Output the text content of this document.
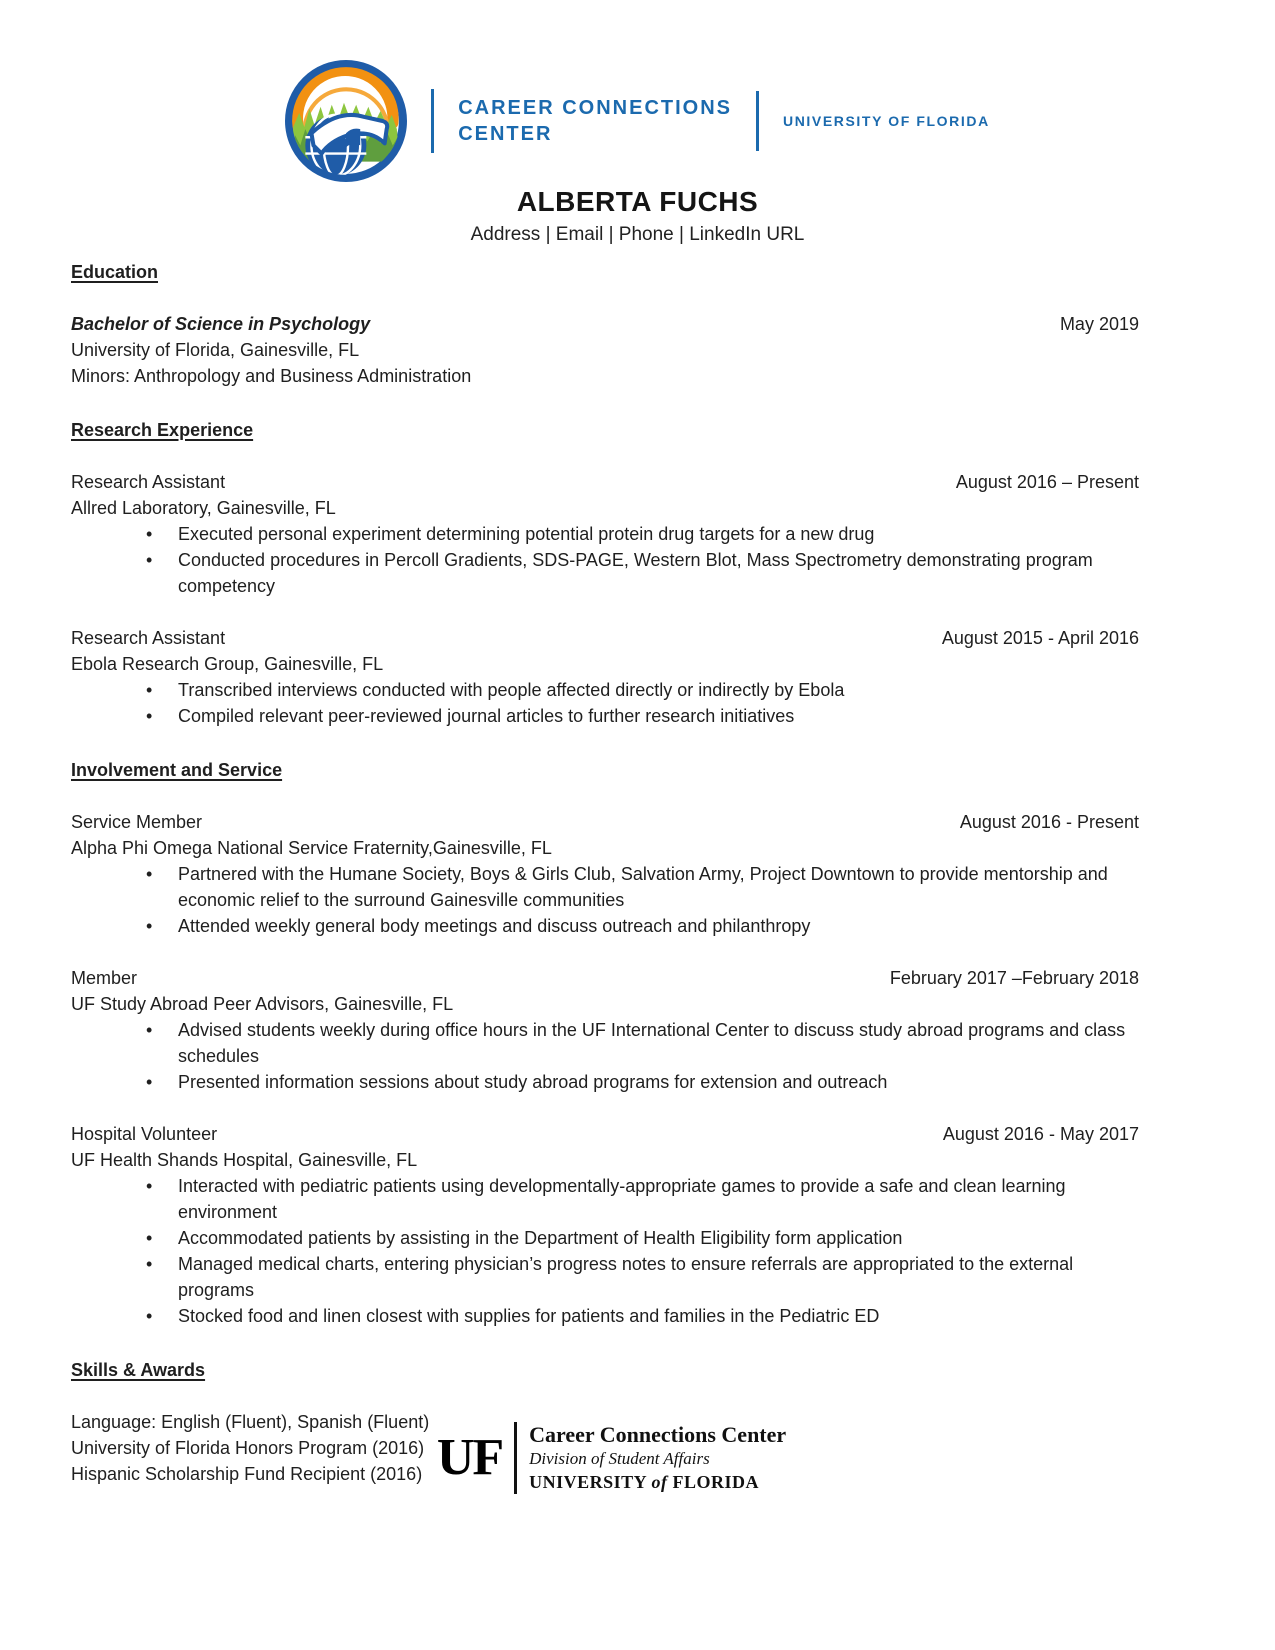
CAREER CONNECTIONS
CENTER
UNIVERSITY OF FLORIDA
ALBERTA FUCHS
Address | Email | Phone | LinkedIn URL
Education
Bachelor of Science in Psychology	May 2019
University of Florida, Gainesville, FL
Minors: Anthropology and Business Administration
Research Experience
Research Assistant	August 2016 – Present
Allred Laboratory, Gainesville, FL
• Executed personal experiment determining potential protein drug targets for a new drug
• Conducted procedures in Percoll Gradients, SDS-PAGE, Western Blot, Mass Spectrometry demonstrating program competency
Research Assistant	August 2015 - April 2016
Ebola Research Group, Gainesville, FL
• Transcribed interviews conducted with people affected directly or indirectly by Ebola
• Compiled relevant peer-reviewed journal articles to further research initiatives
Involvement and Service
Service Member	August 2016 - Present
Alpha Phi Omega National Service Fraternity,Gainesville, FL
• Partnered with the Humane Society, Boys & Girls Club, Salvation Army, Project Downtown to provide mentorship and economic relief to the surround Gainesville communities
• Attended weekly general body meetings and discuss outreach and philanthropy
Member	February 2017 –February 2018
UF Study Abroad Peer Advisors, Gainesville, FL
• Advised students weekly during office hours in the UF International Center to discuss study abroad programs and class schedules
• Presented information sessions about study abroad programs for extension and outreach
Hospital Volunteer	August 2016 - May 2017
UF Health Shands Hospital, Gainesville, FL
• Interacted with pediatric patients using developmentally-appropriate games to provide a safe and clean learning environment
• Accommodated patients by assisting in the Department of Health Eligibility form application
• Managed medical charts, entering physician’s progress notes to ensure referrals are appropriated to the external programs
• Stocked food and linen closest with supplies for patients and families in the Pediatric ED
Skills & Awards
Language: English (Fluent), Spanish (Fluent)
University of Florida Honors Program (2016)
Hispanic Scholarship Fund Recipient (2016) UF Career Connections Center
Division of Student Affairs
UNIVERSITY of FLORIDA
